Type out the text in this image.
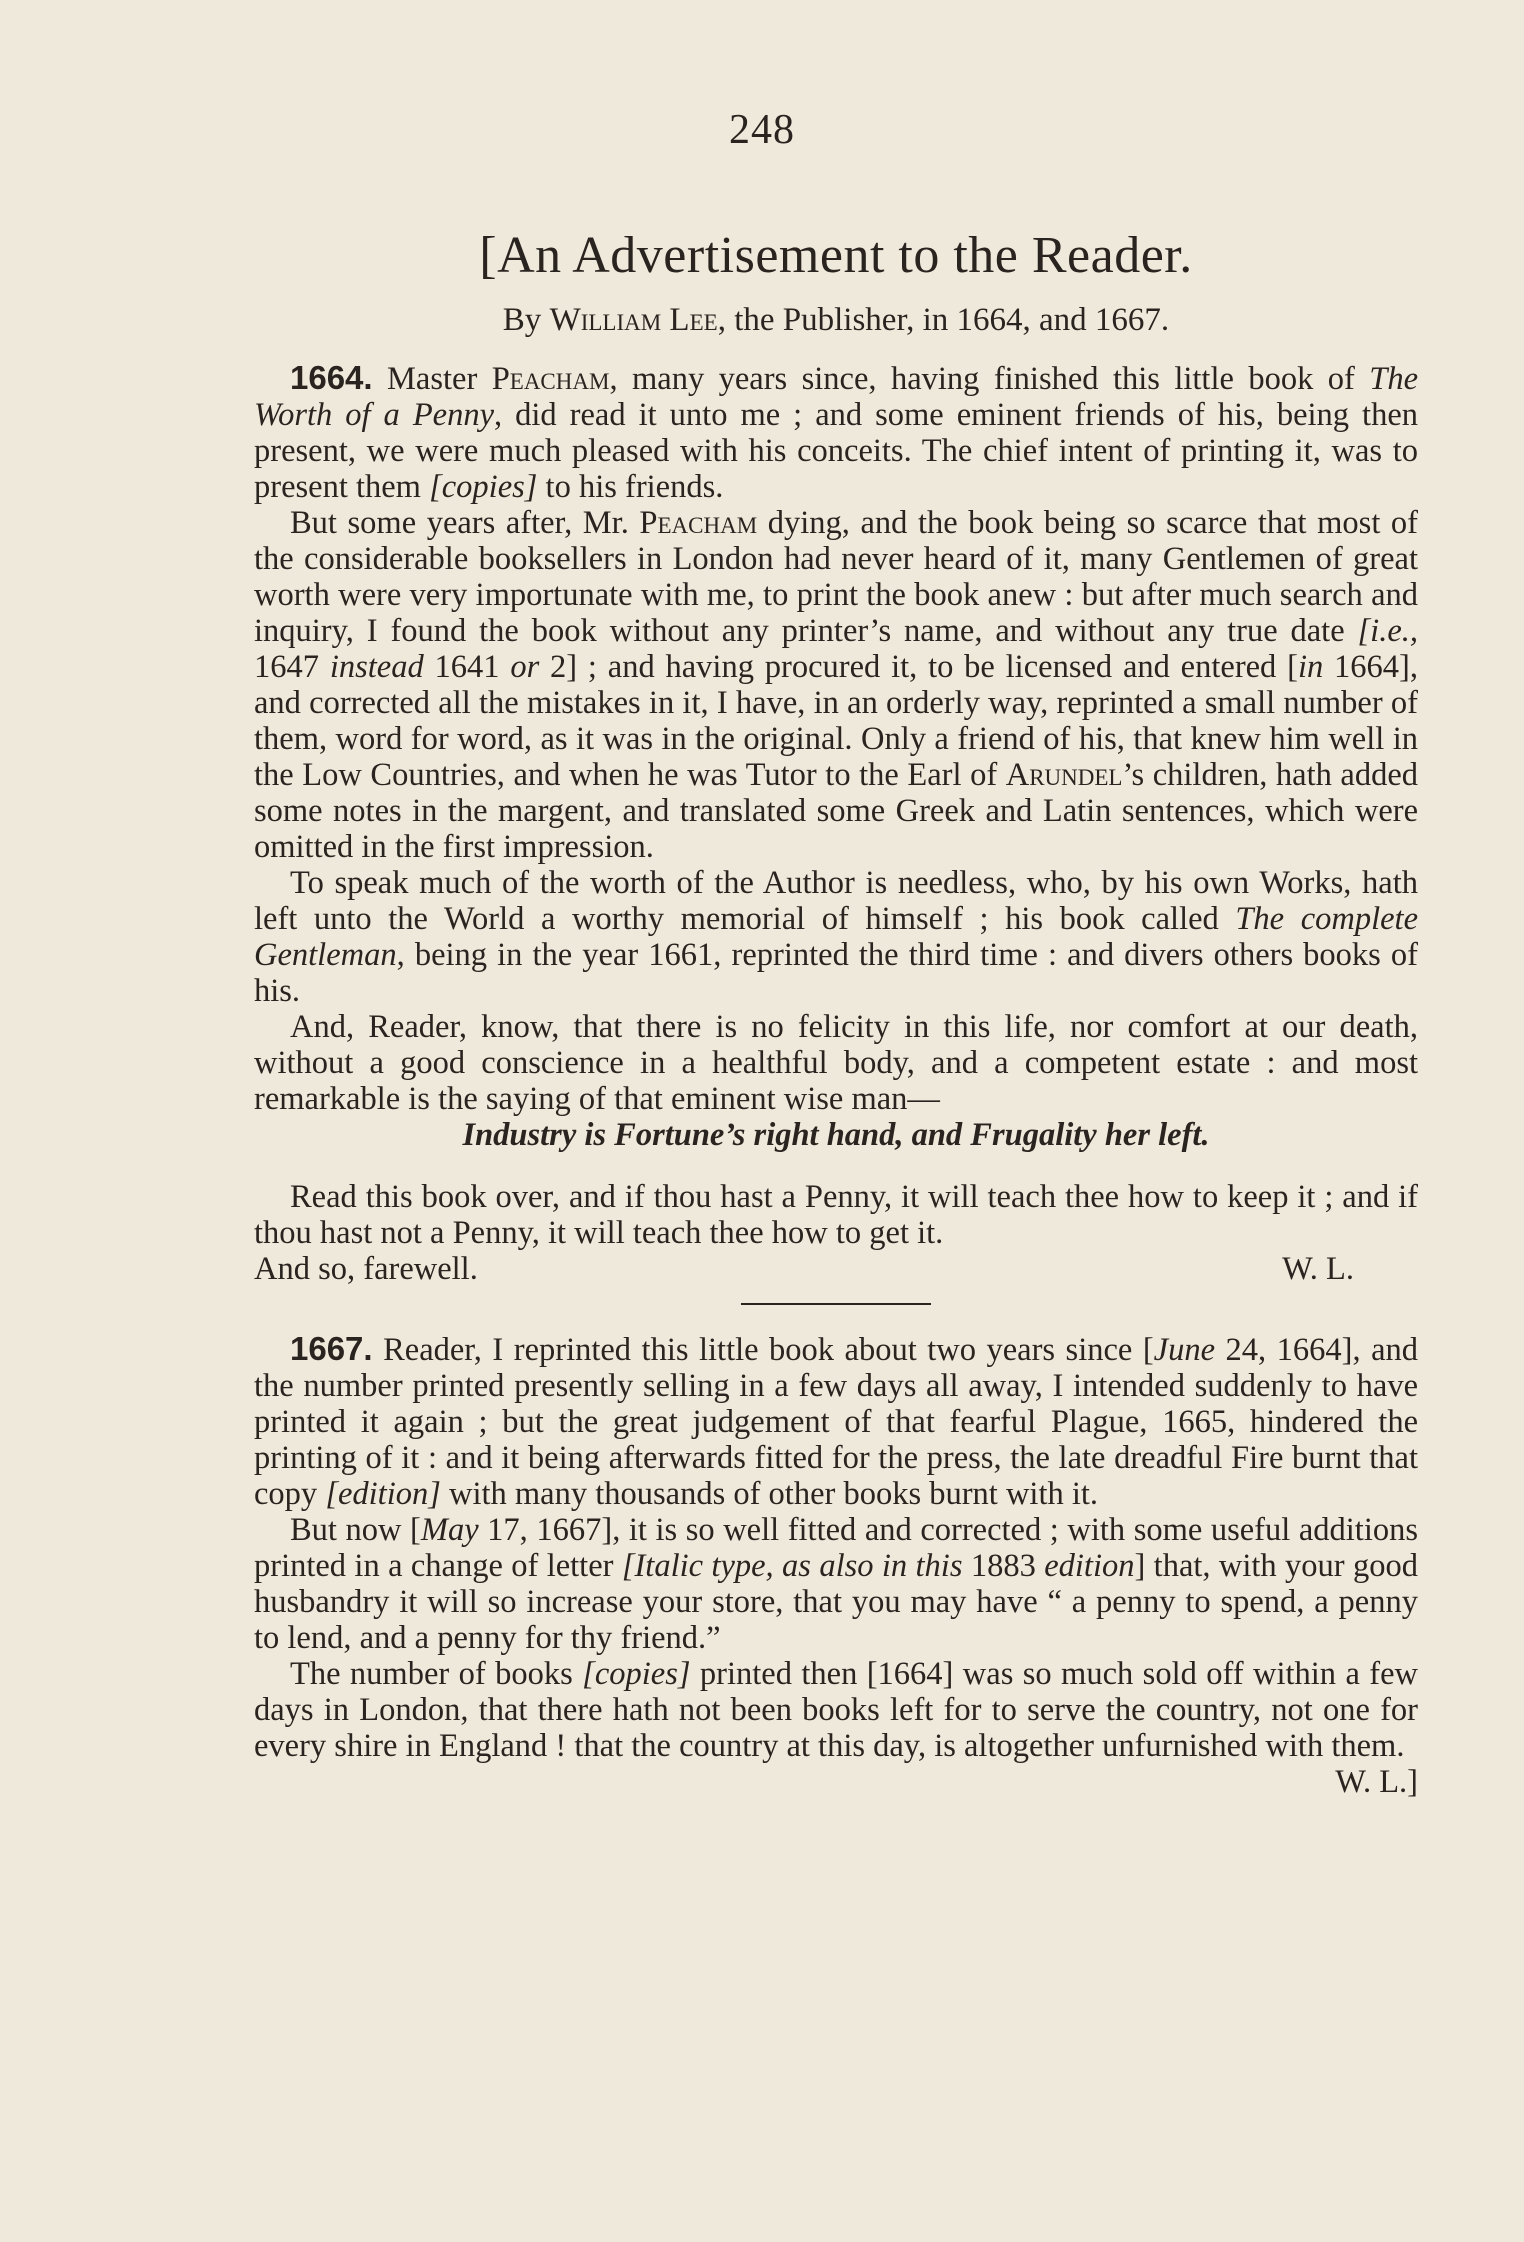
248
[An Advertisement to the Reader.
By William Lee, the Publisher, in 1664, and 1667.

1664. Master Peacham, many years since, having finished this little book of The Worth of a Penny, did read it unto me ; and some eminent friends of his, being then present, we were much pleased with his conceits. The chief intent of printing it, was to present them [copies] to his friends.

But some years after, Mr. Peacham dying, and the book being so scarce that most of the considerable booksellers in London had never heard of it, many Gentlemen of great worth were very importunate with me, to print the book anew : but after much search and inquiry, I found the book without any printer’s name, and without any true date [i.e., 1647 instead 1641 or 2] ; and having procured it, to be licensed and entered [in 1664], and corrected all the mistakes in it, I have, in an orderly way, reprinted a small number of them, word for word, as it was in the original. Only a friend of his, that knew him well in the Low Countries, and when he was Tutor to the Earl of Arundel’s children, hath added some notes in the margent, and translated some Greek and Latin sentences, which were omitted in the first impression.

To speak much of the worth of the Author is needless, who, by his own Works, hath left unto the World a worthy memorial of himself ; his book called The complete Gentleman, being in the year 1661, reprinted the third time : and divers others books of his.

And, Reader, know, that there is no felicity in this life, nor comfort at our death, without a good conscience in a healthful body, and a competent estate : and most remarkable is the saying of that eminent wise man—

Industry is Fortune’s right hand, and Frugality her left.

Read this book over, and if thou hast a Penny, it will teach thee how to keep it ; and if thou hast not a Penny, it will teach thee how to get it.

And so, farewell.	W. L.

1667. Reader, I reprinted this little book about two years since [June 24, 1664], and the number printed presently selling in a few days all away, I intended suddenly to have printed it again ; but the great judgement of that fearful Plague, 1665, hindered the printing of it : and it being afterwards fitted for the press, the late dreadful Fire burnt that copy [edition] with many thousands of other books burnt with it.

But now [May 17, 1667], it is so well fitted and corrected ; with some useful additions printed in a change of letter [Italic type, as also in this 1883 edition] that, with your good husbandry it will so increase your store, that you may have “ a penny to spend, a penny to lend, and a penny for thy friend.”

The number of books [copies] printed then [1664] was so much sold off within a few days in London, that there hath not been books left for to serve the country, not one for every shire in England ! that the country at this day, is altogether unfurnished with them.
W. L.]
